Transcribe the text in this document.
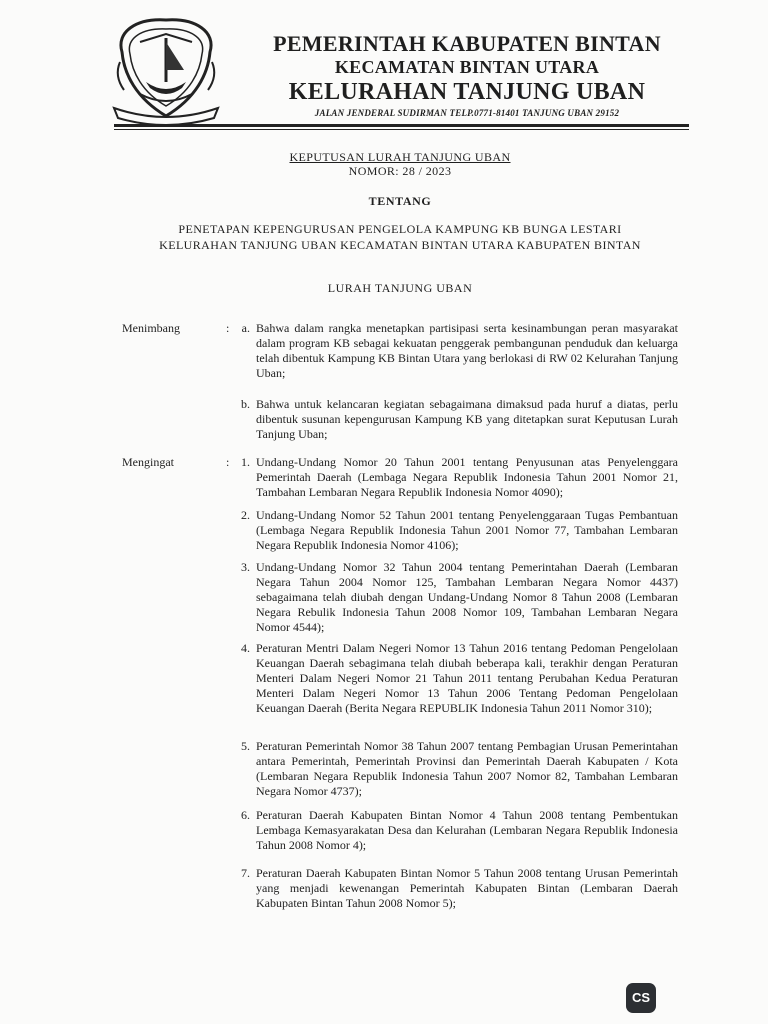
PEMERINTAH KABUPATEN BINTAN
KECAMATAN BINTAN UTARA
KELURAHAN TANJUNG UBAN
JALAN JENDERAL SUDIRMAN TELP.0771-81401 TANJUNG UBAN 29152
KEPUTUSAN LURAH TANJUNG UBAN
NOMOR: 28 / 2023
TENTANG
PENETAPAN KEPENGURUSAN PENGELOLA KAMPUNG KB BUNGA LESTARI
KELURAHAN TANJUNG UBAN KECAMATAN BINTAN UTARA KABUPATEN BINTAN
LURAH TANJUNG UBAN
Menimbang	:	a. Bahwa dalam rangka menetapkan partisipasi serta kesinambungan peran masyarakat dalam program KB sebagai kekuatan penggerak pembangunan penduduk dan keluarga telah dibentuk Kampung KB Bintan Utara yang berlokasi di RW 02 Kelurahan Tanjung Uban;
b. Bahwa untuk kelancaran kegiatan sebagaimana dimaksud pada huruf a diatas, perlu dibentuk susunan kepengurusan Kampung KB yang ditetapkan surat Keputusan Lurah Tanjung Uban;
Mengingat	: 1. Undang-Undang Nomor 20 Tahun 2001 tentang Penyusunan atas Penyelenggara Pemerintah Daerah (Lembaga Negara Republik Indonesia Tahun 2001 Nomor 21, Tambahan Lembaran Negara Republik Indonesia Nomor 4090);
2. Undang-Undang Nomor 52 Tahun 2001 tentang Penyelenggaraan Tugas Pembantuan (Lembaga Negara Republik Indonesia Tahun 2001 Nomor 77, Tambahan Lembaran Negara Republik Indonesia Nomor 4106);
3. Undang-Undang Nomor 32 Tahun 2004 tentang Pemerintahan Daerah (Lembaran Negara Tahun 2004 Nomor 125, Tambahan Lembaran Negara Nomor 4437) sebagaimana telah diubah dengan Undang-Undang Nomor 8 Tahun 2008 (Lembaran Negara Rebulik Indonesia Tahun 2008 Nomor 109, Tambahan Lembaran Negara Nomor 4544);
4. Peraturan Mentri Dalam Negeri Nomor 13 Tahun 2016 tentang Pedoman Pengelolaan Keuangan Daerah sebagimana telah diubah beberapa kali, terakhir dengan Peraturan Menteri Dalam Negeri Nomor 21 Tahun 2011 tentang Perubahan Kedua Peraturan Menteri Dalam Negeri Nomor 13 Tahun 2006 Tentang Pedoman Pengelolaan Keuangan Daerah (Berita Negara REPUBLIK Indonesia Tahun 2011 Nomor 310);
5. Peraturan Pemerintah Nomor 38 Tahun 2007 tentang Pembagian Urusan Pemerintahan antara Pemerintah, Pemerintah Provinsi dan Pemerintah Daerah Kabupaten / Kota (Lembaran Negara Republik Indonesia Tahun 2007 Nomor 82, Tambahan Lembaran Negara Nomor 4737);
6. Peraturan Daerah Kabupaten Bintan Nomor 4 Tahun 2008 tentang Pembentukan Lembaga Kemasyarakatan Desa dan Kelurahan (Lembaran Negara Republik Indonesia Tahun 2008 Nomor 4);
7. Peraturan Daerah Kabupaten Bintan Nomor 5 Tahun 2008 tentang Urusan Pemerintah yang menjadi kewenangan Pemerintah Kabupaten Bintan (Lembaran Daerah Kabupaten Bintan Tahun 2008 Nomor 5);
CS
